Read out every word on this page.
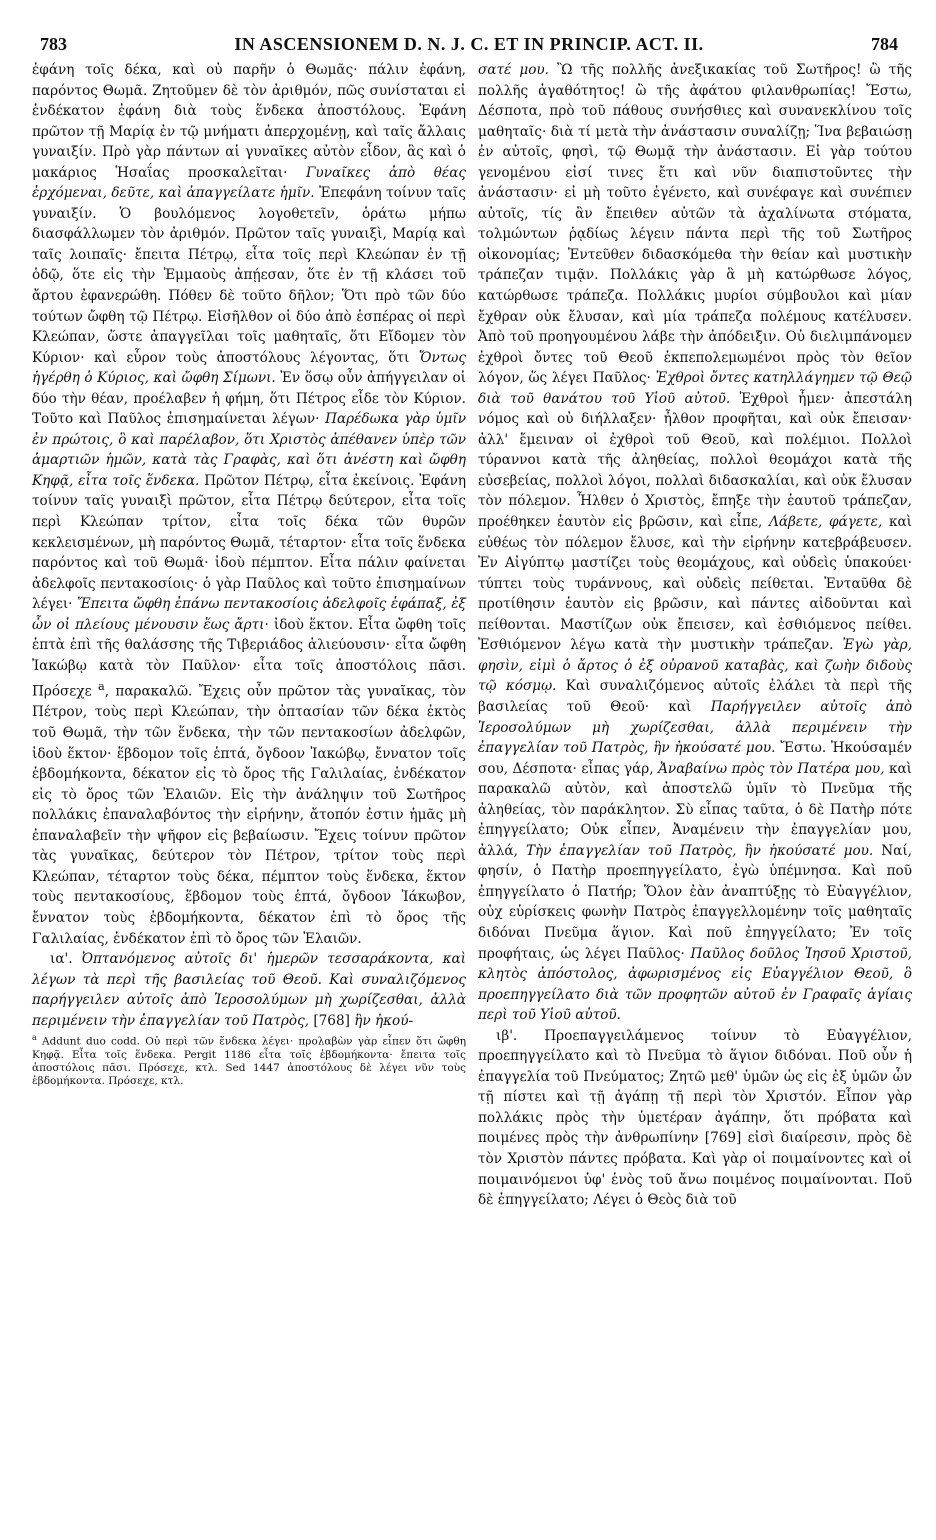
783	IN ASCENSIONEM D. N. J. C. ET IN PRINCIP. ACT. II.	784

ἐφάνη τοῖς δέκα, καὶ οὐ παρῆν ὁ Θωμᾶς· πάλιν ἐφάνη, παρόντος Θωμᾶ. Ζητοῦμεν δὲ τὸν ἀριθμόν, πῶς συνίσταται εἰ ἑνδέκατον ἐφάνη διὰ τοὺς ἕνδεκα ἀποστόλους. Ἐφάνη πρῶτον τῇ Μαρίᾳ ἐν τῷ μνήματι ἀπερχομένῃ, καὶ ταῖς ἄλλαις γυναιξίν. Πρὸ γὰρ πάντων αἱ γυναῖκες αὐτὸν εἶδον, ἃς καὶ ὁ μακάριος Ἡσαΐας προσκαλεῖται· Γυναῖκες ἀπὸ θέας ἐρχόμεναι, δεῦτε, καὶ ἀπαγγείλατε ἡμῖν. Ἐπεφάνη τοίνυν ταῖς γυναιξίν. Ὁ βουλόμενος λογοθετεῖν, ὁράτω μήπω διασφάλλωμεν τὸν ἀριθμόν. Πρῶτον ταῖς γυναιξὶ, Μαρίᾳ καὶ ταῖς λοιπαῖς· ἔπειτα Πέτρῳ, εἶτα τοῖς περὶ Κλεώπαν ἐν τῇ ὁδῷ, ὅτε εἰς τὴν Ἐμμαοὺς ἀπῄεσαν, ὅτε ἐν τῇ κλάσει τοῦ ἄρτου ἐφανερώθη. Πόθεν δὲ τοῦτο δῆλον; Ὅτι πρὸ τῶν δύο τούτων ὤφθη τῷ Πέτρῳ. Εἰσῆλθον οἱ δύο ἀπὸ ἑσπέρας οἱ περὶ Κλεώπαν, ὥστε ἀπαγγεῖλαι τοῖς μαθηταῖς, ὅτι Εἴδομεν τὸν Κύριον· καὶ εὗρον τοὺς ἀποστόλους λέγοντας, ὅτι Ὄντως ἠγέρθη ὁ Κύριος, καὶ ὤφθη Σίμωνι. Ἐν ὅσῳ οὖν ἀπήγγειλαν οἱ δύο τὴν θέαν, προέλαβεν ἡ φήμη, ὅτι Πέτρος εἶδε τὸν Κύριον. Τοῦτο καὶ Παῦλος ἐπισημαίνεται λέγων· Παρέδωκα γὰρ ὑμῖν ἐν πρώτοις, ὃ καὶ παρέλαβον, ὅτι Χριστὸς ἀπέθανεν ὑπὲρ τῶν ἁμαρτιῶν ἡμῶν, κατὰ τὰς Γραφὰς, καὶ ὅτι ἀνέστη καὶ ὤφθη Κηφᾷ, εἶτα τοῖς ἕνδεκα. Πρῶτον Πέτρῳ, εἶτα ἐκείνοις. Ἐφάνη τοίνυν ταῖς γυναιξὶ πρῶτον, εἶτα Πέτρῳ δεύτερον, εἶτα τοῖς περὶ Κλεώπαν τρίτον, εἶτα τοῖς δέκα τῶν θυρῶν κεκλεισμένων, μὴ παρόντος Θωμᾶ, τέταρτον· εἶτα τοῖς ἕνδεκα παρόντος καὶ τοῦ Θωμᾶ· ἰδοὺ πέμπτον. Εἶτα πάλιν φαίνεται ἀδελφοῖς πεντακοσίοις· ὁ γὰρ Παῦλος καὶ τοῦτο ἐπισημαίνων λέγει· Ἔπειτα ὤφθη ἐπάνω πεντακοσίοις ἀδελφοῖς ἐφάπαξ, ἐξ ὧν οἱ πλείους μένουσιν ἕως ἄρτι· ἰδοὺ ἕκτον. Εἶτα ὤφθη τοῖς ἑπτὰ ἐπὶ τῆς θαλάσσης τῆς Τιβεριάδος ἁλιεύουσιν· εἶτα ὤφθη Ἰακώβῳ κατὰ τὸν Παῦλον· εἶτα τοῖς ἀποστόλοις πᾶσι. Πρόσεχε $^a$, παρακαλῶ. Ἔχεις οὖν πρῶτον τὰς γυναῖκας, τὸν Πέτρον, τοὺς περὶ Κλεώπαν, τὴν ὀπτασίαν τῶν δέκα ἐκτὸς τοῦ Θωμᾶ, τὴν τῶν ἕνδεκα, τὴν τῶν πεντακοσίων ἀδελφῶν, ἰδοὺ ἕκτον· ἕβδομον τοῖς ἑπτά, ὄγδοον Ἰακώβῳ, ἔννατον τοῖς ἑβδομήκοντα, δέκατον εἰς τὸ ὄρος τῆς Γαλιλαίας, ἑνδέκατον εἰς τὸ ὄρος τῶν Ἐλαιῶν. Εἰς τὴν ἀνάληψιν τοῦ Σωτῆρος πολλάκις ἐπαναλαβόντος τὴν εἰρήνην, ἄτοπόν ἐστιν ἡμᾶς μὴ ἐπαναλαβεῖν τὴν ψῆφον εἰς βεβαίωσιν. Ἔχεις τοίνυν πρῶτον τὰς γυναῖκας, δεύτερον τὸν Πέτρον, τρίτον τοὺς περὶ Κλεώπαν, τέταρτον τοὺς δέκα, πέμπτον τοὺς ἕνδεκα, ἕκτον τοὺς πεντακοσίους, ἕβδομον τοὺς ἑπτά, ὄγδοον Ἰάκωβον, ἔννατον τοὺς ἑβδομήκοντα, δέκατον ἐπὶ τὸ ὄρος τῆς Γαλιλαίας, ἑνδέκατον ἐπὶ τὸ ὄρος τῶν Ἐλαιῶν.

ια'. Ὀπτανόμενος αὐτοῖς δι' ἡμερῶν τεσσαράκοντα, καὶ λέγων τὰ περὶ τῆς βασιλείας τοῦ Θεοῦ. Καὶ συναλιζόμενος παρήγγειλεν αὐτοῖς ἀπὸ Ἱεροσολύμων μὴ χωρίζεσθαι, ἀλλὰ περιμένειν τὴν ἐπαγγελίαν τοῦ Πατρὸς, [768] ἣν ἠκού-

$^a$ Addunt duo codd. Οὐ περὶ τῶν ἕνδεκα λέγει· προλαβὼν γὰρ εἶπεν ὅτι ὤφθη Κηφᾷ. Εἶτα τοῖς ἕνδεκα. Pergit 1186 εἶτα τοῖς ἑβδομήκοντα· ἔπειτα τοῖς ἀποστόλοις πᾶσι. Πρόσεχε, κτλ. Sed 1447 ἀποστόλους δὲ λέγει νῦν τοὺς ἑβδομήκοντα. Πρόσεχε, κτλ.

σατέ μου. Ὢ τῆς πολλῆς ἀνεξικακίας τοῦ Σωτῆρος! ὢ τῆς πολλῆς ἀγαθότητος! ὢ τῆς ἀφάτου φιλανθρωπίας! Ἔστω, Δέσποτα, πρὸ τοῦ πάθους συνήσθιες καὶ συνανεκλίνου τοῖς μαθηταῖς· διὰ τί μετὰ τὴν ἀνάστασιν συναλίζῃ; Ἵνα βεβαιώσῃ ἐν αὐτοῖς, φησὶ, τῷ Θωμᾷ τὴν ἀνάστασιν. Εἰ γὰρ τούτου γενομένου εἰσί τινες ἔτι καὶ νῦν διαπιστοῦντες τὴν ἀνάστασιν· εἰ μὴ τοῦτο ἐγένετο, καὶ συνέφαγε καὶ συνέπιεν αὐτοῖς, τίς ἂν ἔπειθεν αὐτῶν τὰ ἀχαλίνωτα στόματα, τολμώντων ῥᾳδίως λέγειν πάντα περὶ τῆς τοῦ Σωτῆρος οἰκονομίας; Ἐντεῦθεν διδασκόμεθα τὴν θείαν καὶ μυστικὴν τράπεζαν τιμᾷν. Πολλάκις γὰρ ἃ μὴ κατώρθωσε λόγος, κατώρθωσε τράπεζα. Πολλάκις μυρίοι σύμβουλοι καὶ μίαν ἔχθραν οὐκ ἔλυσαν, καὶ μία τράπεζα πολέμους κατέλυσεν. Ἀπὸ τοῦ προηγουμένου λάβε τὴν ἀπόδειξιν. Οὐ διελιμπάνομεν ἐχθροὶ ὄντες τοῦ Θεοῦ ἐκπεπολεμωμένοι πρὸς τὸν θεῖον λόγον, ὥς λέγει Παῦλος· Ἐχθροὶ ὄντες κατηλλάγημεν τῷ Θεῷ διὰ τοῦ θανάτου τοῦ Υἱοῦ αὐτοῦ. Ἐχθροὶ ἦμεν· ἀπεστάλη νόμος καὶ οὐ διήλλαξεν· ἦλθον προφῆται, καὶ οὐκ ἔπεισαν· ἀλλ' ἔμειναν οἱ ἐχθροὶ τοῦ Θεοῦ, καὶ πολέμιοι. Πολλοὶ τύραννοι κατὰ τῆς ἀληθείας, πολλοὶ θεομάχοι κατὰ τῆς εὐσεβείας, πολλοὶ λόγοι, πολλαὶ διδασκαλίαι, καὶ οὐκ ἔλυσαν τὸν πόλεμον. Ἦλθεν ὁ Χριστὸς, ἔπηξε τὴν ἑαυτοῦ τράπεζαν, προέθηκεν ἑαυτὸν εἰς βρῶσιν, καὶ εἶπε, Λάβετε, φάγετε, καὶ εὐθέως τὸν πόλεμον ἔλυσε, καὶ τὴν εἰρήνην κατεβράβευσεν. Ἐν Αἰγύπτῳ μαστίζει τοὺς θεομάχους, καὶ οὐδεὶς ὑπακούει· τύπτει τοὺς τυράννους, καὶ οὐδεὶς πείθεται. Ἐνταῦθα δὲ προτίθησιν ἑαυτὸν εἰς βρῶσιν, καὶ πάντες αἰδοῦνται καὶ πείθονται. Μαστίζων οὐκ ἔπεισεν, καὶ ἐσθιόμενος πείθει. Ἐσθιόμενον λέγω κατὰ τὴν μυστικὴν τράπεζαν. Ἐγὼ γὰρ, φησὶν, εἰμὶ ὁ ἄρτος ὁ ἐξ οὐρανοῦ καταβὰς, καὶ ζωὴν διδοὺς τῷ κόσμῳ. Καὶ συναλιζόμενος αὐτοῖς ἐλάλει τὰ περὶ τῆς βασιλείας τοῦ Θεοῦ· καὶ Παρήγγειλεν αὐτοῖς ἀπὸ Ἱεροσολύμων μὴ χωρίζεσθαι, ἀλλὰ περιμένειν τὴν ἐπαγγελίαν τοῦ Πατρὸς, ἣν ἠκούσατέ μου. Ἔστω. Ἠκούσαμέν σου, Δέσποτα· εἶπας γάρ, Ἀναβαίνω πρὸς τὸν Πατέρα μου, καὶ παρακαλῶ αὐτὸν, καὶ ἀποστελῶ ὑμῖν τὸ Πνεῦμα τῆς ἀληθείας, τὸν παράκλητον. Σὺ εἶπας ταῦτα, ὁ δὲ Πατὴρ πότε ἐπηγγείλατο; Οὐκ εἶπεν, Ἀναμένειν τὴν ἐπαγγελίαν μου, ἀλλά, Τὴν ἐπαγγελίαν τοῦ Πατρὸς, ἣν ἠκούσατέ μου. Ναί, φησίν, ὁ Πατὴρ προεπηγγείλατο, ἐγὼ ὑπέμνησα. Καὶ ποῦ ἐπηγγείλατο ὁ Πατήρ; Ὅλον ἐὰν ἀναπτύξῃς τὸ Εὐαγγέλιον, οὐχ εὑρίσκεις φωνὴν Πατρὸς ἐπαγγελλομένην τοῖς μαθηταῖς διδόναι Πνεῦμα ἅγιον. Καὶ ποῦ ἐπηγγείλατο; Ἐν τοῖς προφήταις, ὡς λέγει Παῦλος· Παῦλος δοῦλος Ἰησοῦ Χριστοῦ, κλητὸς ἀπόστολος, ἀφωρισμένος εἰς Εὐαγγέλιον Θεοῦ, ὃ προεπηγγείλατο διὰ τῶν προφητῶν αὐτοῦ ἐν Γραφαῖς ἁγίαις περὶ τοῦ Υἱοῦ αὐτοῦ.

ιβ'. Προεπαγγειλάμενος τοίνυν τὸ Εὐαγγέλιον, προεπηγγείλατο καὶ τὸ Πνεῦμα τὸ ἅγιον διδόναι. Ποῦ οὖν ἡ ἐπαγγελία τοῦ Πνεύματος; Ζητῶ μεθ' ὑμῶν ὡς εἰς ἐξ ὑμῶν ὧν τῇ πίστει καὶ τῇ ἀγάπῃ τῇ περὶ τὸν Χριστόν. Εἶπον γὰρ πολλάκις πρὸς τὴν ὑμετέραν ἀγάπην, ὅτι πρόβατα καὶ ποιμένες πρὸς τὴν ἀνθρωπίνην [769] εἰσὶ διαίρεσιν, πρὸς δὲ τὸν Χριστὸν πάντες πρόβατα. Καὶ γὰρ οἱ ποιμαίνοντες καὶ οἱ ποιμαινόμενοι ὑφ' ἑνὸς τοῦ ἄνω ποιμένος ποιμαίνονται. Ποῦ δὲ ἐπηγγείλατο; Λέγει ὁ Θεὸς διὰ τοῦ
